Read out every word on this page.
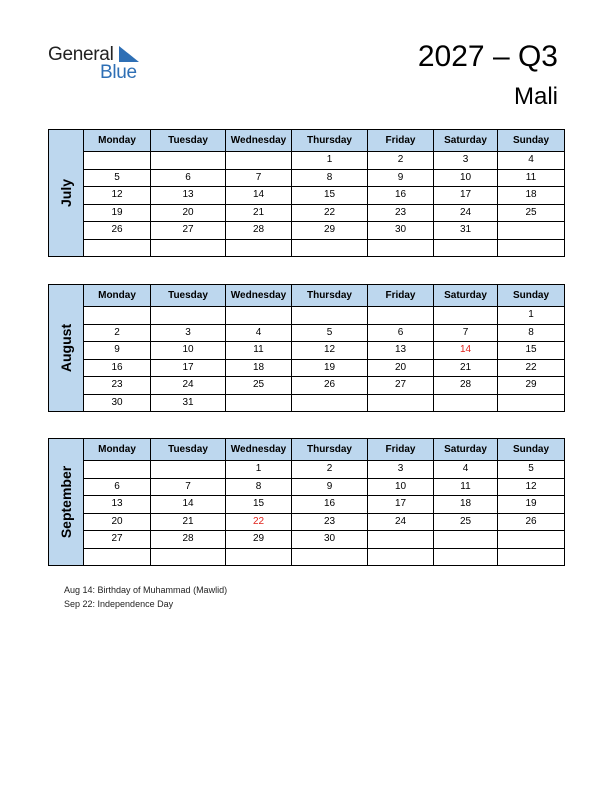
General
Blue	2027 – Q3
Mali
July	Monday	Tuesday	Wednesday	Thursday	Friday	Saturday	Sunday
				1	2	3	4
	5	6	7	8	9	10	11
	12	13	14	15	16	17	18
	19	20	21	22	23	24	25
	26	27	28	29	30	31	

August	Monday	Tuesday	Wednesday	Thursday	Friday	Saturday	Sunday
							1
	2	3	4	5	6	7	8
	9	10	11	12	13	14	15
	16	17	18	19	20	21	22
	23	24	25	26	27	28	29
	30	31					
September	Monday	Tuesday	Wednesday	Thursday	Friday	Saturday	Sunday
			1	2	3	4	5
	6	7	8	9	10	11	12
	13	14	15	16	17	18	19
	20	21	22	23	24	25	26
	27	28	29	30			

Aug 14: Birthday of Muhammad (Mawlid)
Sep 22: Independence Day
